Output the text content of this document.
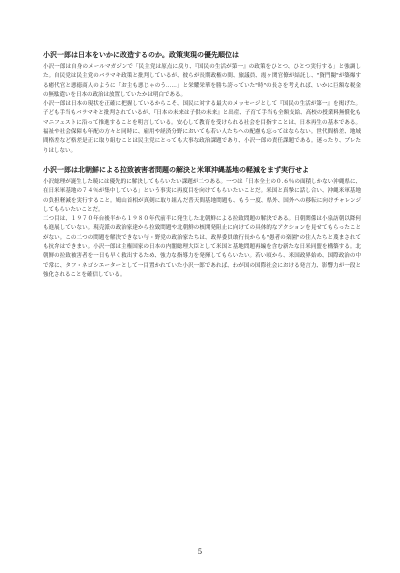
小沢一郎は日本をいかに改造するのか。政策実現の優先順位は

小沢一郎は自身のメールマガジンで「民主党は原点に戻り、『国民の生活が第一』の政策をひとつ、ひとつ実行する」と強調した。自民党は民主党のバラマキ政策と批判しているが、彼らが長期政権の間、旅議員、霞ヶ関官僚が結託し、"資門閥"が築爆する癒代官と悪徳商人のように「お主も悪じゃのう……」と栄耀栄華を勝ち誇っていた"時"の長さを考えれば、いかに巨額な税金の無駄遣いを日本の政治は放置していたかは明白である。

小沢一郎は日本の現状を正確に把握しているからこそ、国民に対する最大のメッセージとして『国民の生活が第一』を掲げた。子ども手当もバラマキと批判されているが、『日本の未来は子供の未来』と出産、子育て手当も全額支給、高校の授業料無償化もマニフェストに沿って推進することを明言している。安心して教育を受けられる社会を目指すことは、日本再生の基本である。福祉や社会保障も年配の方々と同時に、雇用や経済分野においても若い人たちへの配慮も忘ってはならない。世代間格差、地域間格差など格差是正に取り組むことは民主党にとっても大事な政治課題であり、小沢一郎の責任課題である。迷ったり、ブレたりはしない。

小沢一郎は北朝鮮による拉致被害者問題の解決と米軍沖縄基地の軽減をまず実行せよ

小沢総理が誕生した暁には優先的に解決してもらいたい課題が二つある。一つは「日本全土の０.６％の面積しかない沖縄県に、在日米軍基地の７４％が集中している」という事実に再度目を向けてもらいたいことだ。米国と真摯に話し合い、沖縄米軍基地の負担軽減を実行すること。鳩山首相が真剣に取り組んだ普天間基地問題も、もう一度、県外、国外への移転に向けチャレンジしてもらいたいことだ。

二つ目は、１９７０年台後半から１９８０年代前半に発生した北朝鮮による拉致問題の解決である。日朝関係は小泉訪朝以降何も進展していない。現売派の政治家達から拉致問題や北朝鮮の核開発阻止に向けての具体的なアクションを見せてもらったことがない。この二つの問題を解決できない与・野党の政治家たちは、政界委員敢行長からも"愚者の楽園"の住人たちと蔑まされても抗弁はできまい。小沢一郎は主権国家の日本の内閣総理大臣として米国と基地問題再編を含む新たな日米同盟を構築する。北朝鮮の拉致被害者を一日も早く救出するため、強力な指導力を発揮してもらいたい。若い頃から、米国政界始め、国際政治の中で常に、タフ・ネゴシエーターとして一目置かれていた小沢一郎であれば、わが国の国際社会における発言力、影響力が一段と強化されることを確信している。

5
